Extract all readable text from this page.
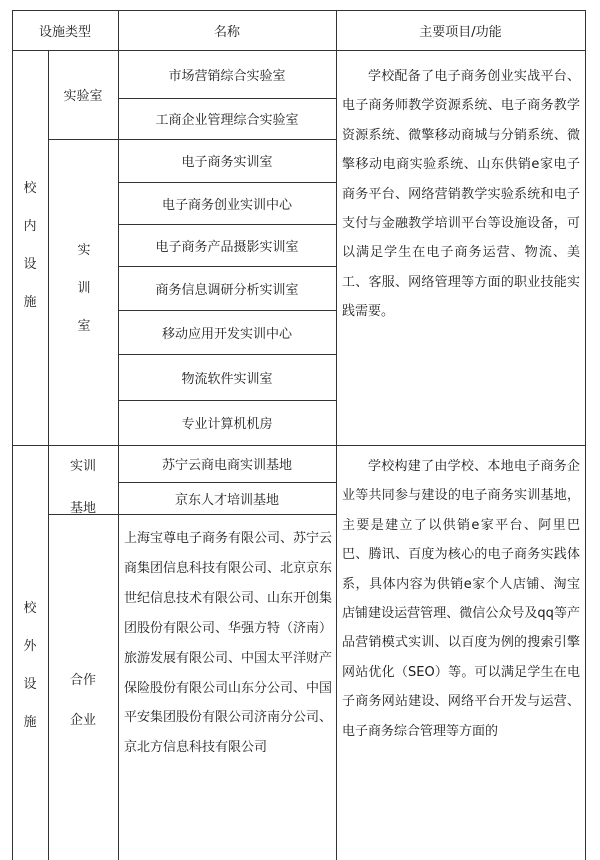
设施类型	名称	主要项目/功能
校
内
设
施
实验室
市场营销综合实验室
工商企业管理综合实验室
实
训
室
电子商务实训室
电子商务创业实训中心
电子商务产品摄影实训室
商务信息调研分析实训室
移动应用开发实训中心
物流软件实训室
专业计算机机房
学校配备了电子商务创业实战平台、电子商务师教学资源系统、电子商务教学资源系统、微擎移动商城与分销系统、微擎移动电商实验系统、山东供销e家电子商务平台、网络营销教学实验系统和电子支付与金融教学培训平台等设施设备，可以满足学生在电子商务运营、物流、美工、客服、网络管理等方面的职业技能实践需要。
校
外
设
施
实训
基地
苏宁云商电商实训基地
京东人才培训基地
合作
企业
上海宝尊电子商务有限公司、苏宁云商集团信息科技有限公司、北京京东世纪信息技术有限公司、山东开创集团股份有限公司、华强方特（济南）旅游发展有限公司、中国太平洋财产保险股份有限公司山东分公司、中国平安集团股份有限公司济南分公司、京北方信息科技有限公司
学校构建了由学校、本地电子商务企业等共同参与建设的电子商务实训基地，主要是建立了以供销e家平台、阿里巴巴、腾讯、百度为核心的电子商务实践体系，具体内容为供销e家个人店铺、淘宝店铺建设运营管理、微信公众号及qq等产品营销模式实训、以百度为例的搜索引擎网站优化（SEO）等。可以满足学生在电子商务网站建设、网络平台开发与运营、电子商务综合管理等方面的
